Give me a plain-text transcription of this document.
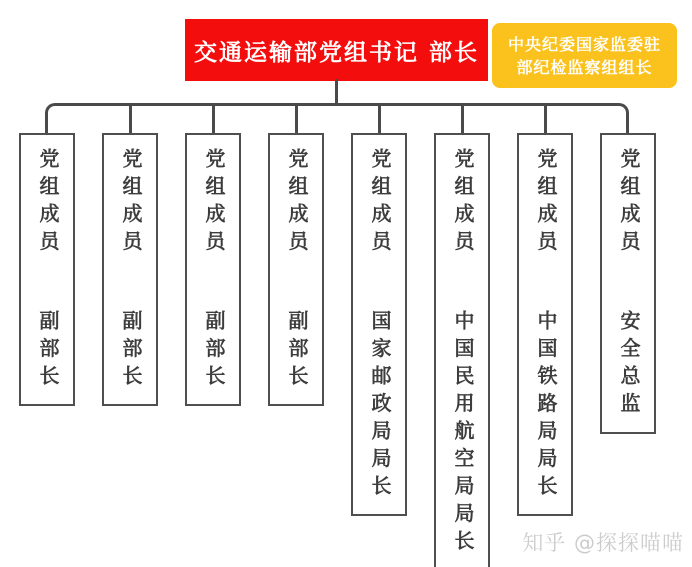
交通运输部党组书记 部长	中央纪委国家监委驻
部纪检监察组组长
党组成员 副部长
党组成员 副部长
党组成员 副部长
党组成员 副部长
党组成员 国家邮政局局长
党组成员 中国民用航空局局长
党组成员 中国铁路局局长
党组成员 安全总监
知乎 @探探喵喵
